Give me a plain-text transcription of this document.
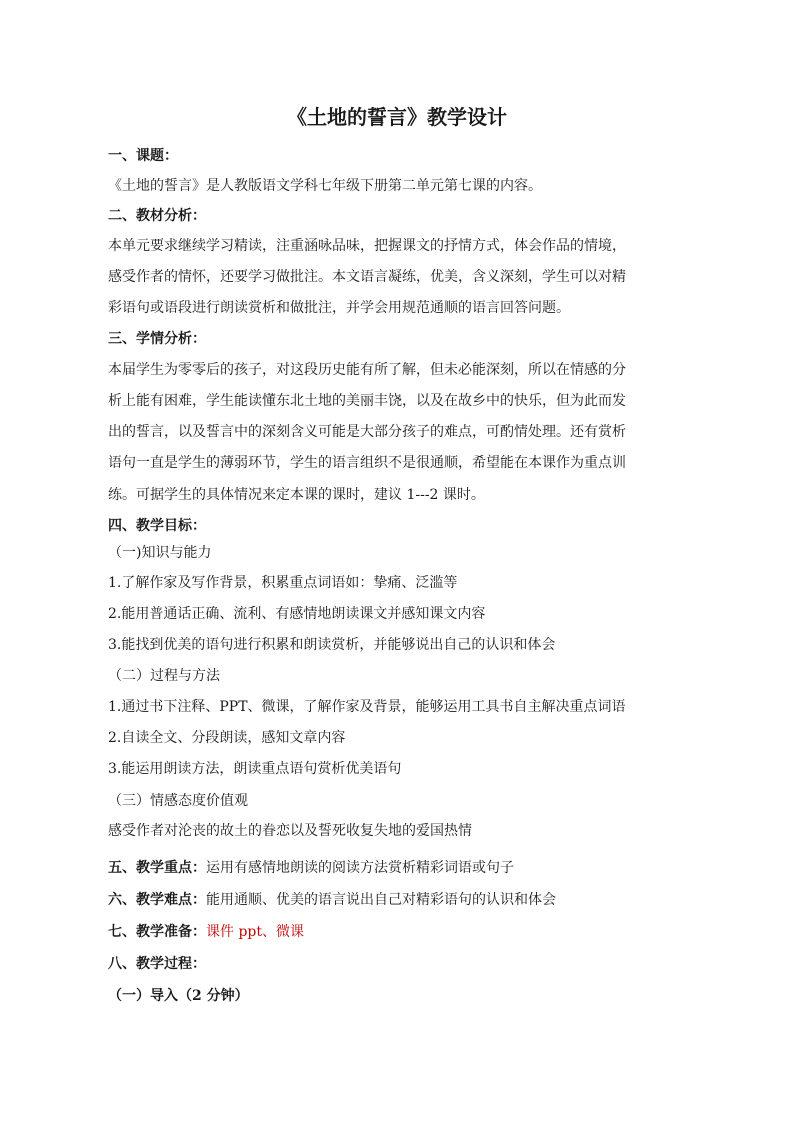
《土地的誓言》教学设计
一、课题：
《土地的誓言》是人教版语文学科七年级下册第二单元第七课的内容。
二、教材分析：
本单元要求继续学习精读，注重涵咏品味，把握课文的抒情方式，体会作品的情境，
感受作者的情怀，还要学习做批注。本文语言凝练，优美，含义深刻，学生可以对精
彩语句或语段进行朗读赏析和做批注，并学会用规范通顺的语言回答问题。
三、学情分析：
本届学生为零零后的孩子，对这段历史能有所了解，但未必能深刻，所以在情感的分
析上能有困难，学生能读懂东北土地的美丽丰饶，以及在故乡中的快乐，但为此而发
出的誓言，以及誓言中的深刻含义可能是大部分孩子的难点，可酌情处理。还有赏析
语句一直是学生的薄弱环节，学生的语言组织不是很通顺，希望能在本课作为重点训
练。可据学生的具体情况来定本课的课时，建议 1---2 课时。
四、教学目标：
（一)知识与能力
1.了解作家及写作背景，积累重点词语如：挚痛、泛滥等
2.能用普通话正确、流利、有感情地朗读课文并感知课文内容
3.能找到优美的语句进行积累和朗读赏析，并能够说出自己的认识和体会
（二）过程与方法
1.通过书下注释、PPT、微课，了解作家及背景，能够运用工具书自主解决重点词语
2.自读全文、分段朗读，感知文章内容
3.能运用朗读方法，朗读重点语句赏析优美语句
（三）情感态度价值观
感受作者对沦丧的故土的眷恋以及誓死收复失地的爱国热情
五、教学重点：运用有感情地朗读的阅读方法赏析精彩词语或句子
六、教学难点：能用通顺、优美的语言说出自己对精彩语句的认识和体会
七、教学准备：课件 ppt、微课
八、教学过程：
（一）导入（2 分钟）
